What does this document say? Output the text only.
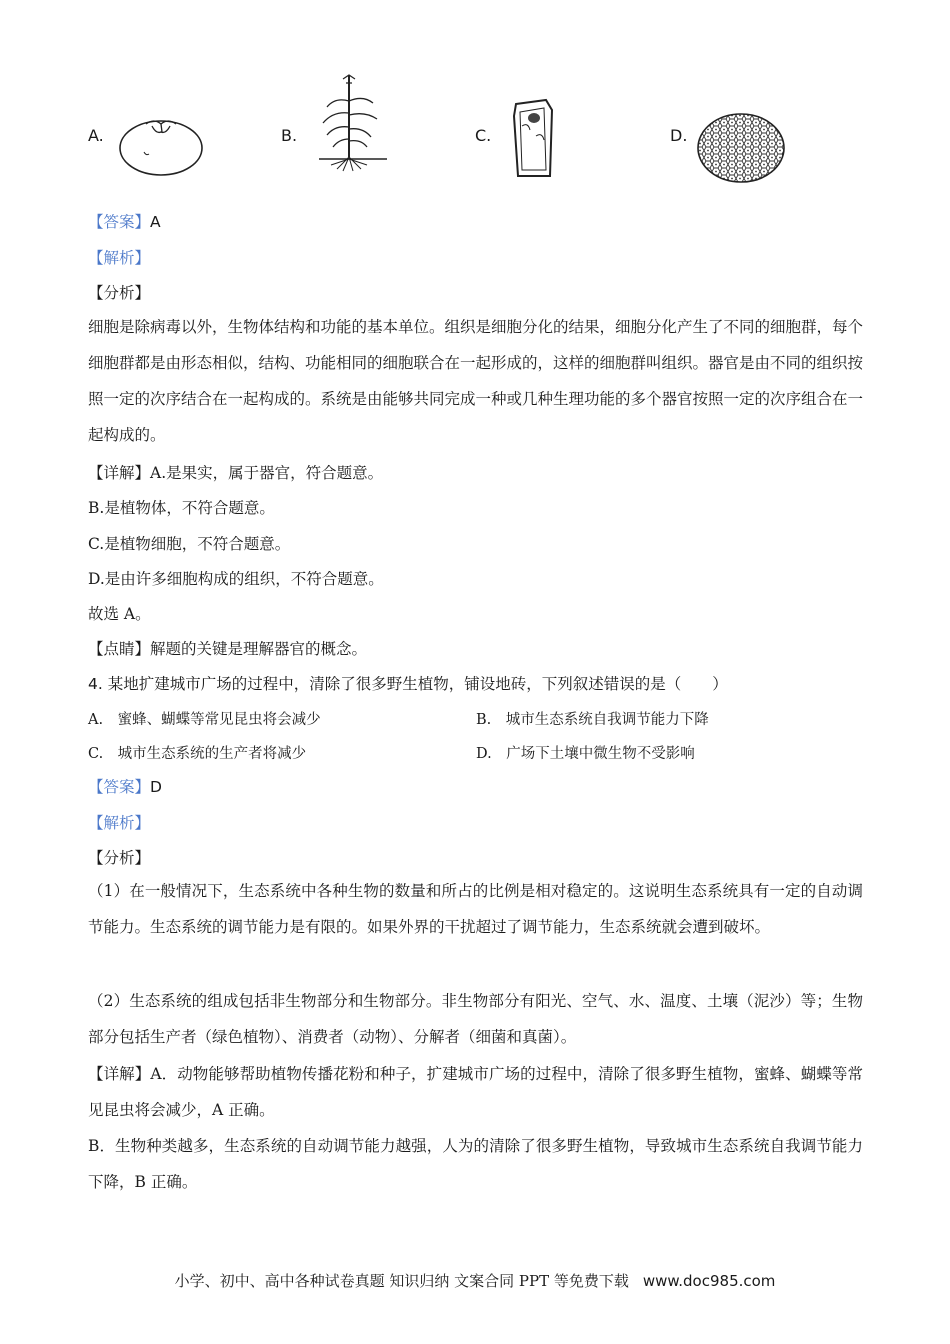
A.	B.	C.	D.
【答案】A
【解析】
【分析】
细胞是除病毒以外，生物体结构和功能的基本单位。组织是细胞分化的结果，细胞分化产生了不同的细胞群，每个细胞群都是由形态相似，结构、功能相同的细胞联合在一起形成的，这样的细胞群叫组织。器官是由不同的组织按照一定的次序结合在一起构成的。系统是由能够共同完成一种或几种生理功能的多个器官按照一定的次序组合在一起构成的。
【详解】A.是果实，属于器官，符合题意。
B.是植物体，不符合题意。
C.是植物细胞，不符合题意。
D.是由许多细胞构成的组织，不符合题意。
故选 A。
【点睛】解题的关键是理解器官的概念。
4. 某地扩建城市广场的过程中，清除了很多野生植物，铺设地砖，下列叙述错误的是（　　）
A.　蜜蜂、蝴蝶等常见昆虫将会减少	B.　城市生态系统自我调节能力下降
C.　城市生态系统的生产者将减少	D.　广场下土壤中微生物不受影响
【答案】D
【解析】
【分析】
（1）在一般情况下，生态系统中各种生物的数量和所占的比例是相对稳定的。这说明生态系统具有一定的自动调节能力。生态系统的调节能力是有限的。如果外界的干扰超过了调节能力，生态系统就会遭到破坏。
（2）生态系统的组成包括非生物部分和生物部分。非生物部分有阳光、空气、水、温度、土壤（泥沙）等；生物部分包括生产者（绿色植物）、消费者（动物）、分解者（细菌和真菌）。
【详解】A．动物能够帮助植物传播花粉和种子，扩建城市广场的过程中，清除了很多野生植物，蜜蜂、蝴蝶等常见昆虫将会减少，A 正确。
B．生物种类越多，生态系统的自动调节能力越强，人为的清除了很多野生植物，导致城市生态系统自我调节能力下降，B 正确。
小学、初中、高中各种试卷真题 知识归纳 文案合同 PPT 等免费下载 www.doc985.com
